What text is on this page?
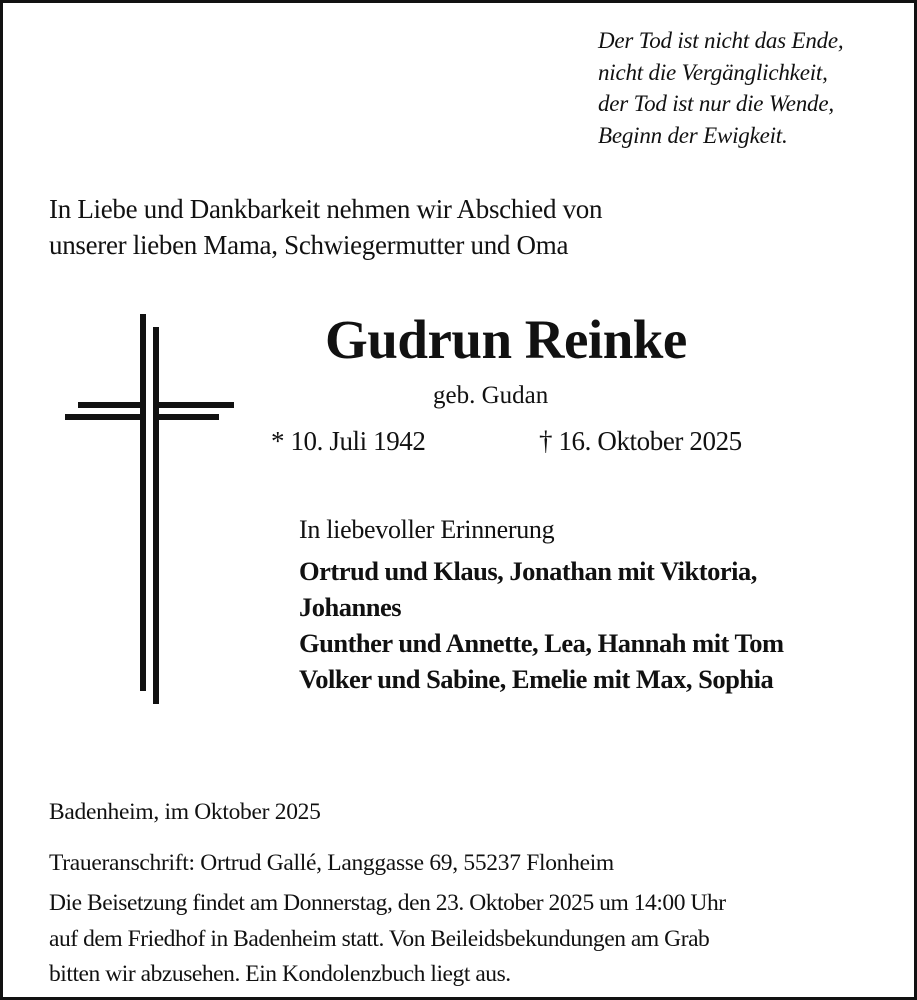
Der Tod ist nicht das Ende,
nicht die Vergänglichkeit,
der Tod ist nur die Wende,
Beginn der Ewigkeit.
In Liebe und Dankbarkeit nehmen wir Abschied von
unserer lieben Mama, Schwiegermutter und Oma
Gudrun Reinke
geb. Gudan
* 10. Juli 1942	† 16. Oktober 2025
In liebevoller Erinnerung
Ortrud und Klaus, Jonathan mit Viktoria,
Johannes
Gunther und Annette, Lea, Hannah mit Tom
Volker und Sabine, Emelie mit Max, Sophia
Badenheim, im Oktober 2025
Traueranschrift: Ortrud Gallé, Langgasse 69, 55237 Flonheim
Die Beisetzung findet am Donnerstag, den 23. Oktober 2025 um 14:00 Uhr
auf dem Friedhof in Badenheim statt. Von Beileidsbekundungen am Grab
bitten wir abzusehen. Ein Kondolenzbuch liegt aus.
